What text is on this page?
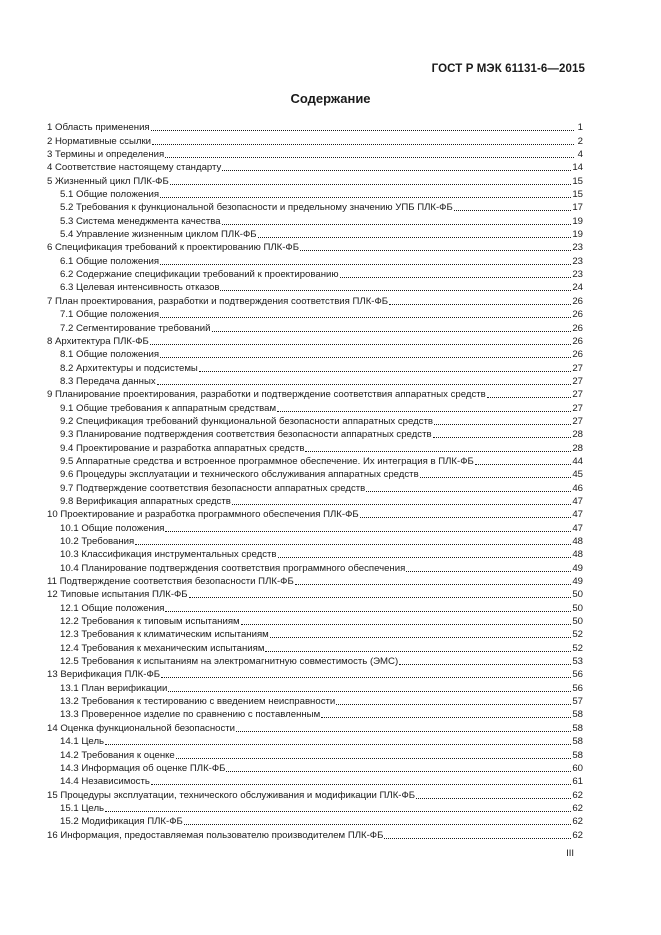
ГОСТ Р МЭК 61131-6—2015
Содержание
1 Область применения	1
2 Нормативные ссылки	2
3 Термины и определения	4
4 Соответствие настоящему стандарту	14
5 Жизненный цикл ПЛК-ФБ	15
5.1 Общие положения	15
5.2 Требования к функциональной безопасности и предельному значению УПБ ПЛК-ФБ	17
5.3 Система менеджмента качества	19
5.4 Управление жизненным циклом ПЛК-ФБ	19
6 Спецификация требований к проектированию ПЛК-ФБ	23
6.1 Общие положения	23
6.2 Содержание спецификации требований к проектированию	23
6.3 Целевая интенсивность отказов	24
7 План проектирования, разработки и подтверждения соответствия ПЛК-ФБ	26
7.1 Общие положения	26
7.2 Сегментирование требований	26
8 Архитектура ПЛК-ФБ	26
8.1 Общие положения	26
8.2 Архитектуры и подсистемы	27
8.3 Передача данных	27
9 Планирование проектирования, разработки и подтверждение соответствия аппаратных средств	27
9.1 Общие требования к аппаратным средствам	27
9.2 Спецификация требований функциональной безопасности аппаратных средств	27
9.3 Планирование подтверждения соответствия безопасности аппаратных средств	28
9.4 Проектирование и разработка аппаратных средств	28
9.5 Аппаратные средства и встроенное программное обеспечение. Их интеграция в ПЛК-ФБ	44
9.6 Процедуры эксплуатации и технического обслуживания аппаратных средств	45
9.7 Подтверждение соответствия безопасности аппаратных средств	46
9.8 Верификация аппаратных средств	47
10 Проектирование и разработка программного обеспечения ПЛК-ФБ	47
10.1 Общие положения	47
10.2 Требования	48
10.3 Классификация инструментальных средств	48
10.4 Планирование подтверждения соответствия программного обеспечения	49
11 Подтверждение соответствия безопасности ПЛК-ФБ	49
12 Типовые испытания ПЛК-ФБ	50
12.1 Общие положения	50
12.2 Требования к типовым испытаниям	50
12.3 Требования к климатическим испытаниям	52
12.4 Требования к механическим испытаниям	52
12.5 Требования к испытаниям на электромагнитную совместимость (ЭМС)	53
13 Верификация ПЛК-ФБ	56
13.1 План верификации	56
13.2 Требования к тестированию с введением неисправности	57
13.3 Проверенное изделие по сравнению с поставленным	58
14 Оценка функциональной безопасности	58
14.1 Цель	58
14.2 Требования к оценке	58
14.3 Информация об оценке ПЛК-ФБ	60
14.4 Независимость	61
15 Процедуры эксплуатации, технического обслуживания и модификации ПЛК-ФБ	62
15.1 Цель	62
15.2 Модификация ПЛК-ФБ	62
16 Информация, предоставляемая пользователю производителем ПЛК-ФБ	62
III
